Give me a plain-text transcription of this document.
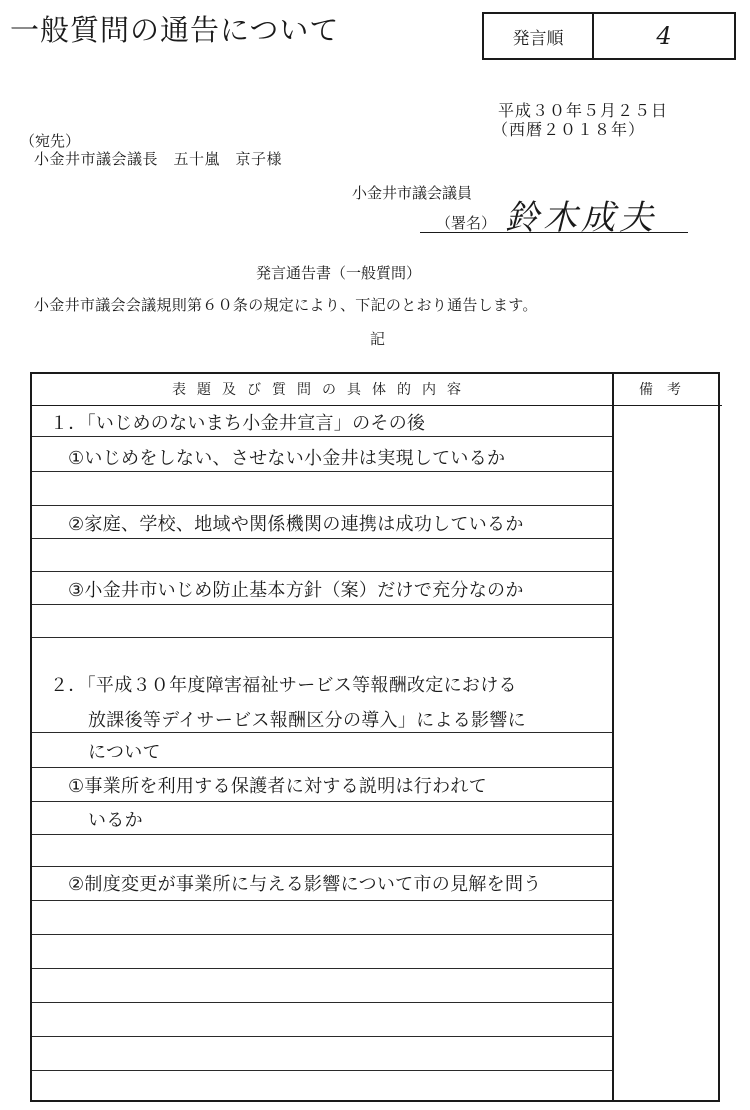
一般質問の通告について	発言順	4
平成３０年５月２５日
（西暦２０１８年）
（宛先）
小金井市議会議長　五十嵐　京子様
小金井市議会議員
（署名） 鈴木成夫
発言通告書（一般質問）
小金井市議会会議規則第６０条の規定により、下記のとおり通告します。
記
表題及び質問の具体的内容	備考
１．「いじめのないまち小金井宣言」のその後
①いじめをしない、させない小金井は実現しているか
②家庭、学校、地域や関係機関の連携は成功しているか
③小金井市いじめ防止基本方針（案）だけで充分なのか
２．「平成３０年度障害福祉サービス等報酬改定における
放課後等デイサービス報酬区分の導入」による影響に
について
①事業所を利用する保護者に対する説明は行われて
いるか
②制度変更が事業所に与える影響について市の見解を問う
